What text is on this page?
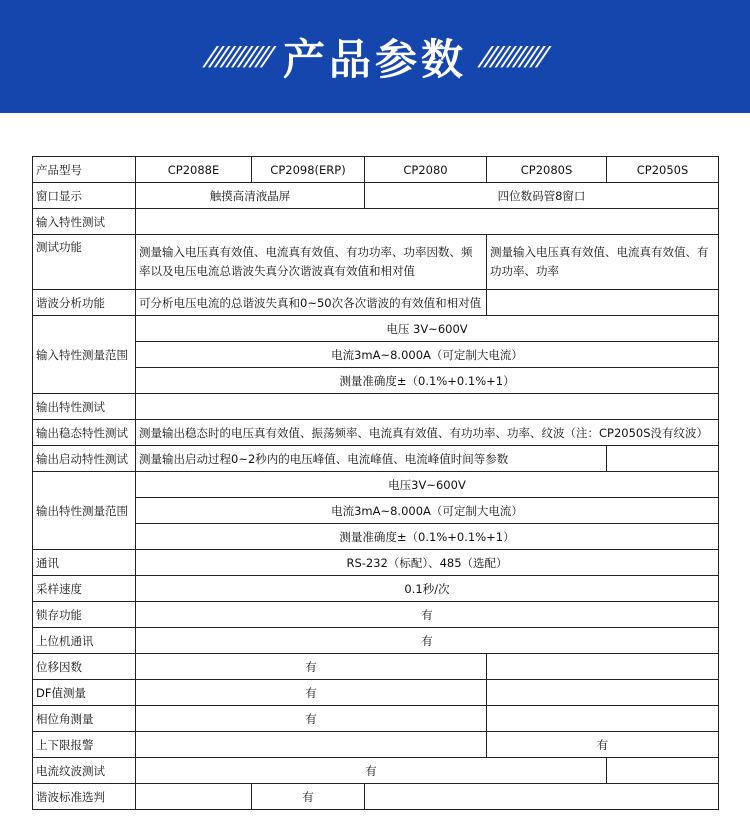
/////////// 产品参数 ///////////
产品型号	CP2088E	CP2098(ERP)	CP2080	CP2080S	CP2050S
窗口显示	触摸高清液晶屏		四位数码管8窗口		
输入特性测试					
测试功能	测量输入电压真有效值、电流真有效值、有功功率、功率因数、频率以及电压电流总谐波失真分次谐波真有效值和相对值			测量输入电压真有效值、电流真有效值、有功功率、功率	
谐波分析功能	可分析电压电流的总谐波失真和0~50次各次谐波的有效值和相对值				
输入特性测量范围	电压 3V~600V				
	电流3mA~8.000A（可定制大电流）				
	测量准确度±（0.1%+0.1%+1）				
输出特性测试					
输出稳态特性测试	测量输出稳态时的电压真有效值、振荡频率、电流真有效值、有功功率、功率、纹波（注：CP2050S没有纹波）				
输出启动特性测试	测量输出启动过程0~2秒内的电压峰值、电流峰值、电流峰值时间等参数				
输出特性测量范围	电压3V~600V				
	电流3mA~8.000A（可定制大电流）				
	测量准确度±（0.1%+0.1%+1）				
通讯	RS-232（标配）、485（选配）				
采样速度	0.1秒/次				
锁存功能	有				
上位机通讯	有				
位移因数	有				
DF值测量	有				
相位角测量	有				
上下限报警				有	
电流纹波测试	有				
谐波标准选判		有			
